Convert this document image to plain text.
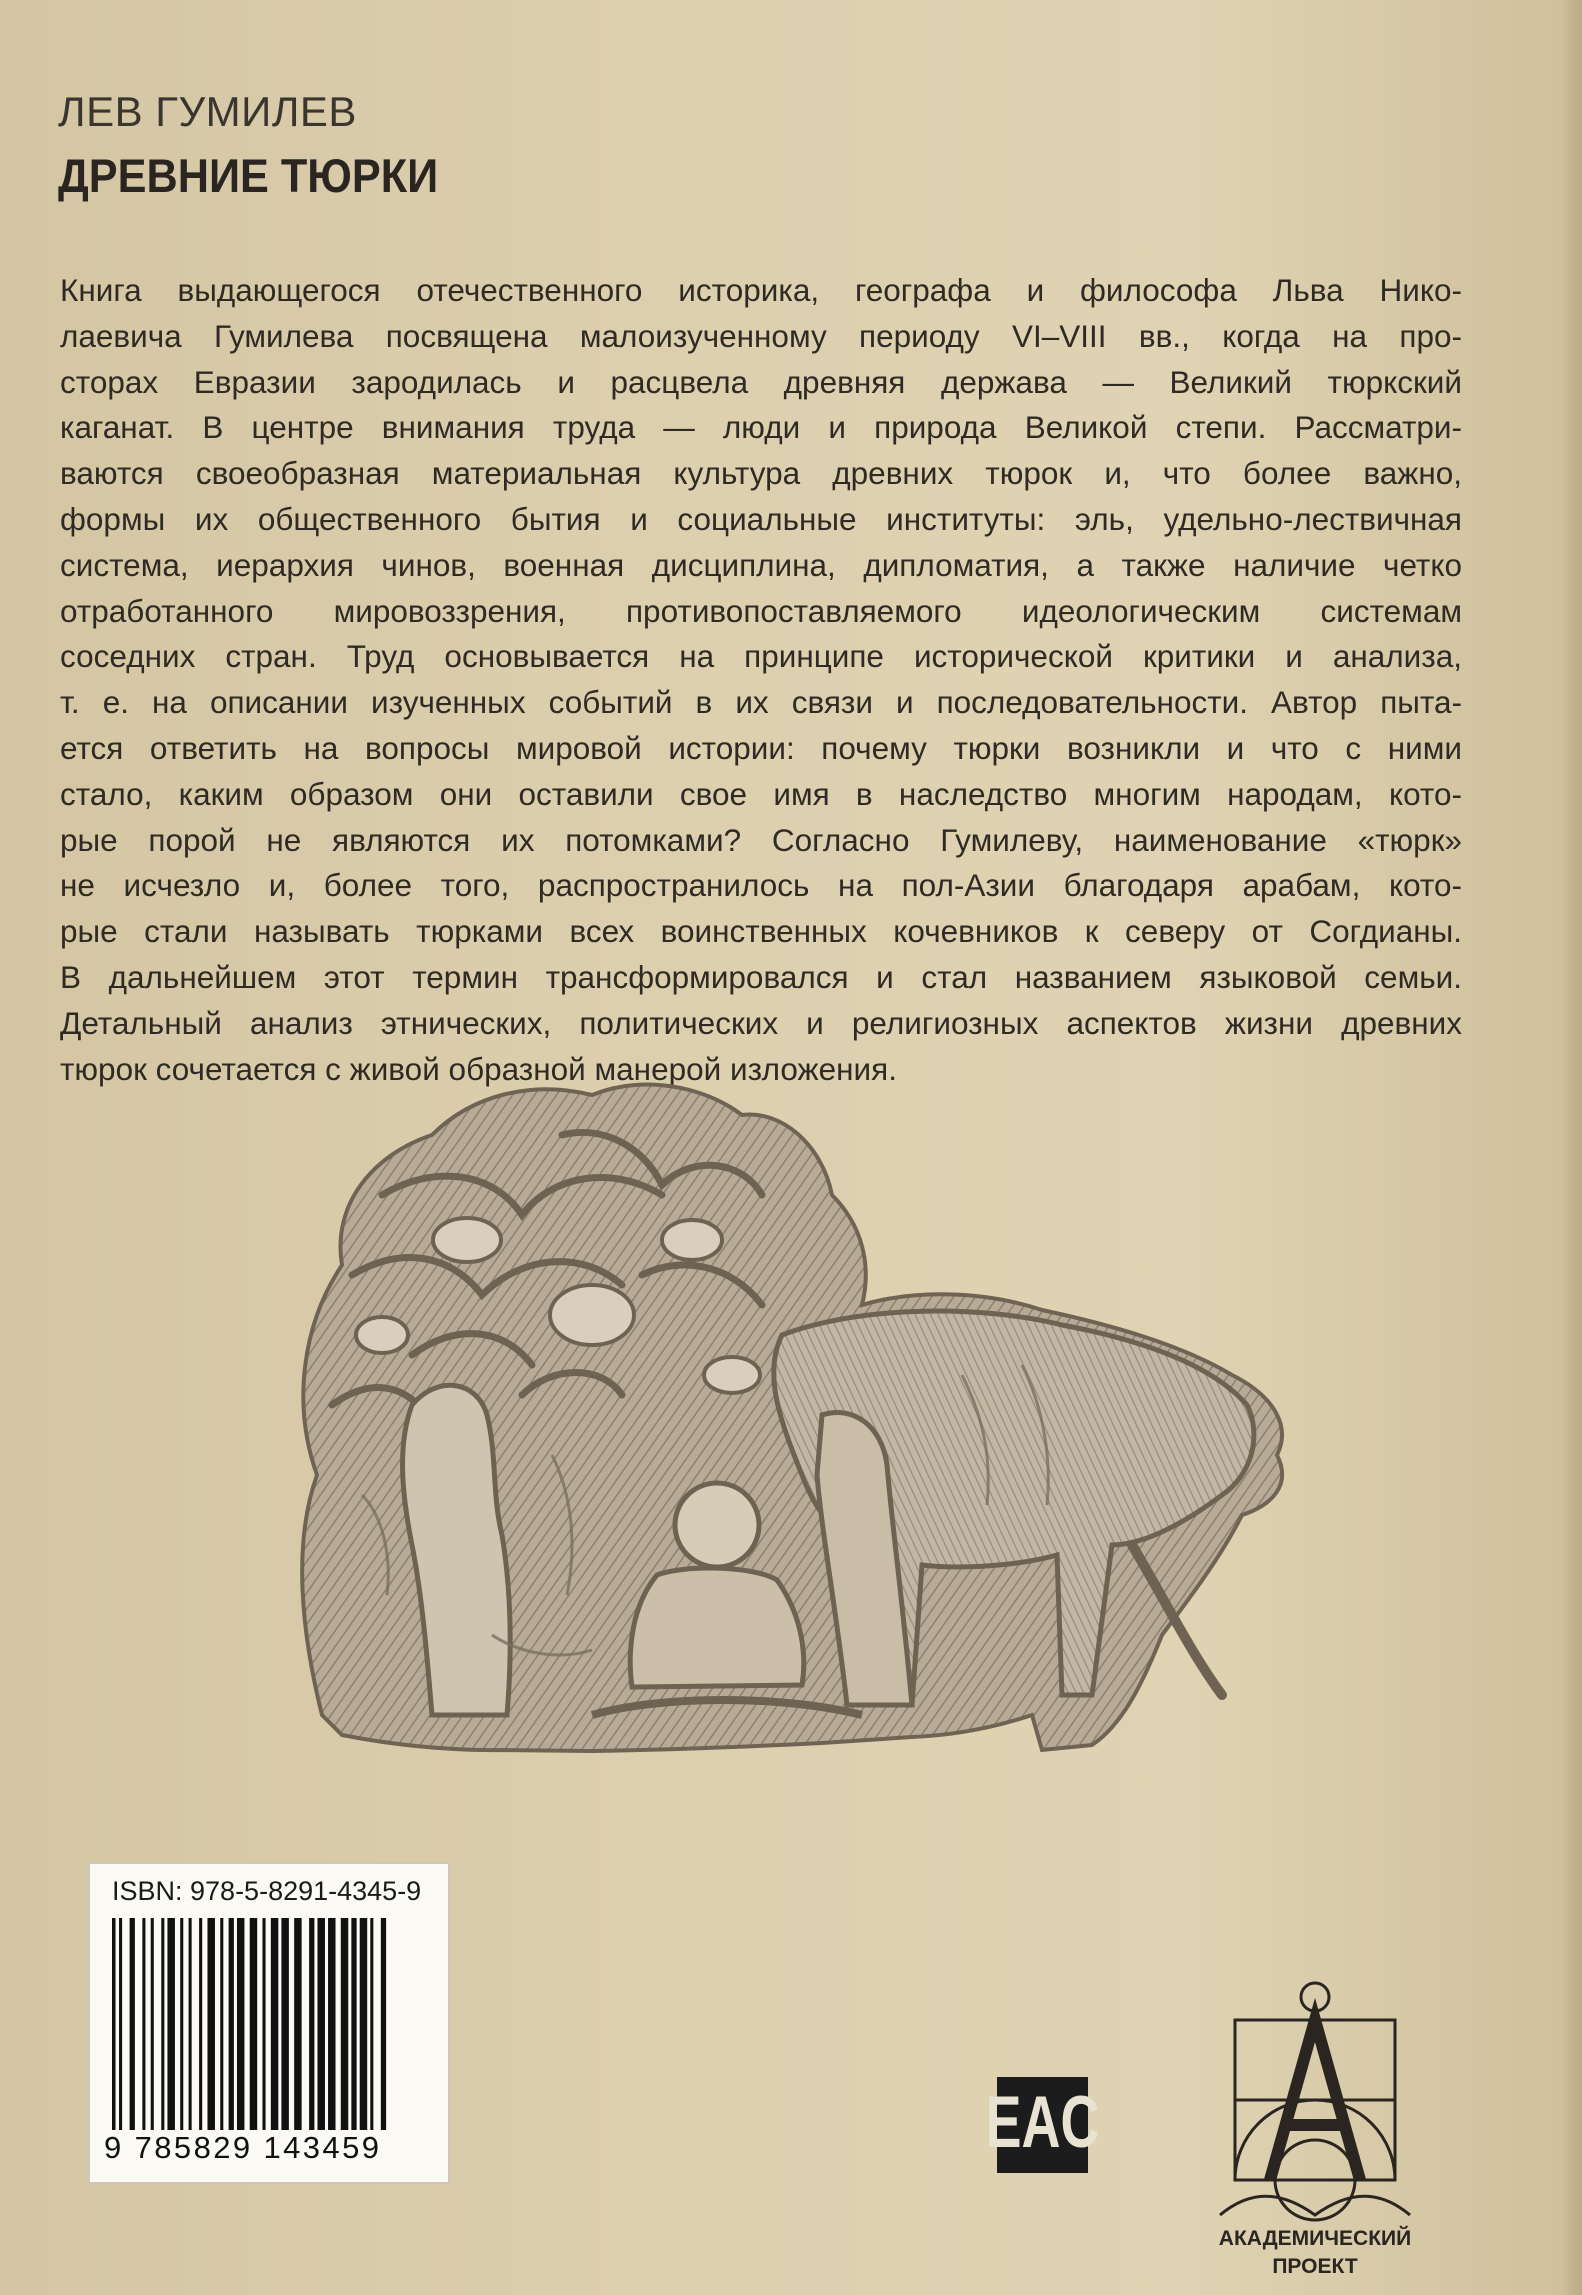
ЛЕВ ГУМИЛЕВ
ДРЕВНИЕ ТЮРКИ
Книга выдающегося отечественного историка, географа и философа Льва Нико-
лаевича Гумилева посвящена малоизученному периоду VI–VIII вв., когда на про-
сторах Евразии зародилась и расцвела древняя держава — Великий тюркский
каганат. В центре внимания труда — люди и природа Великой степи. Рассматри-
ваются своеобразная материальная культура древних тюрок и, что более важно,
формы их общественного бытия и социальные институты: эль, удельно-лествичная
система, иерархия чинов, военная дисциплина, дипломатия, а также наличие четко
отработанного мировоззрения, противопоставляемого идеологическим системам
соседних стран. Труд основывается на принципе исторической критики и анализа,
т. е. на описании изученных событий в их связи и последовательности. Автор пыта-
ется ответить на вопросы мировой истории: почему тюрки возникли и что с ними
стало, каким образом они оставили свое имя в наследство многим народам, кото-
рые порой не являются их потомками? Согласно Гумилеву, наименование «тюрк»
не исчезло и, более того, распространилось на пол-Азии благодаря арабам, кото-
рые стали называть тюрками всех воинственных кочевников к северу от Согдианы.
В дальнейшем этот термин трансформировался и стал названием языковой семьи.
Детальный анализ этнических, политических и религиозных аспектов жизни древних
тюрок сочетается с живой образной манерой изложения.
ISBN: 978-5-8291-4345-9
9 785829 143459	EAC
АКАДЕМИЧЕСКИЙ
ПРОЕКТ
